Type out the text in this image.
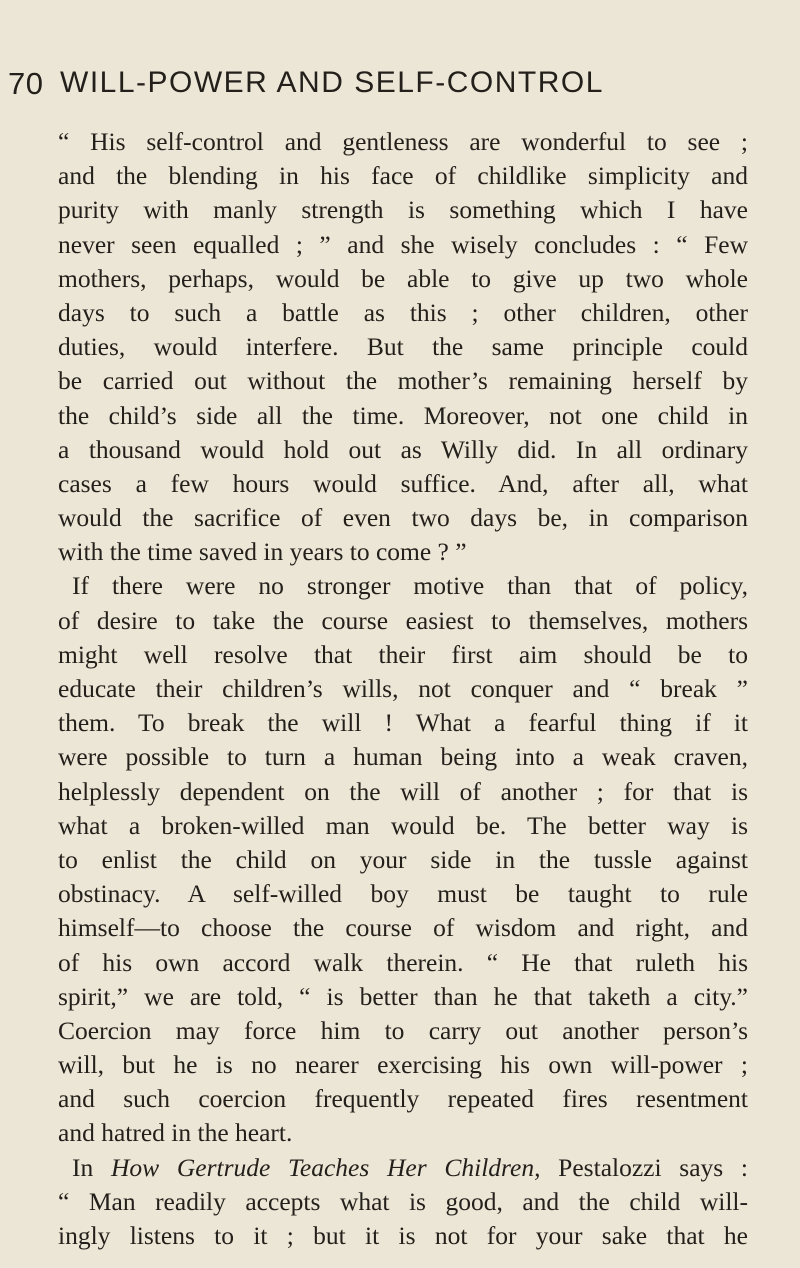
70 WILL-POWER AND SELF-CONTROL
“ His self-control and gentleness are wonderful to see ;
and the blending in his face of childlike simplicity and
purity with manly strength is something which I have
never seen equalled ; ” and she wisely concludes : “ Few
mothers, perhaps, would be able to give up two whole
days to such a battle as this ; other children, other
duties, would interfere. But the same principle could
be carried out without the mother’s remaining herself by
the child’s side all the time. Moreover, not one child in
a thousand would hold out as Willy did. In all ordinary
cases a few hours would suffice. And, after all, what
would the sacrifice of even two days be, in comparison
with the time saved in years to come ? ”
If there were no stronger motive than that of policy,
of desire to take the course easiest to themselves, mothers
might well resolve that their first aim should be to
educate their children’s wills, not conquer and “ break ”
them. To break the will ! What a fearful thing if it
were possible to turn a human being into a weak craven,
helplessly dependent on the will of another ; for that is
what a broken-willed man would be. The better way is
to enlist the child on your side in the tussle against
obstinacy. A self-willed boy must be taught to rule
himself—to choose the course of wisdom and right, and
of his own accord walk therein. “ He that ruleth his
spirit,” we are told, “ is better than he that taketh a city.”
Coercion may force him to carry out another person’s
will, but he is no nearer exercising his own will-power ;
and such coercion frequently repeated fires resentment
and hatred in the heart.
In How Gertrude Teaches Her Children, Pestalozzi says :
“ Man readily accepts what is good, and the child will-
ingly listens to it ; but it is not for your sake that he
